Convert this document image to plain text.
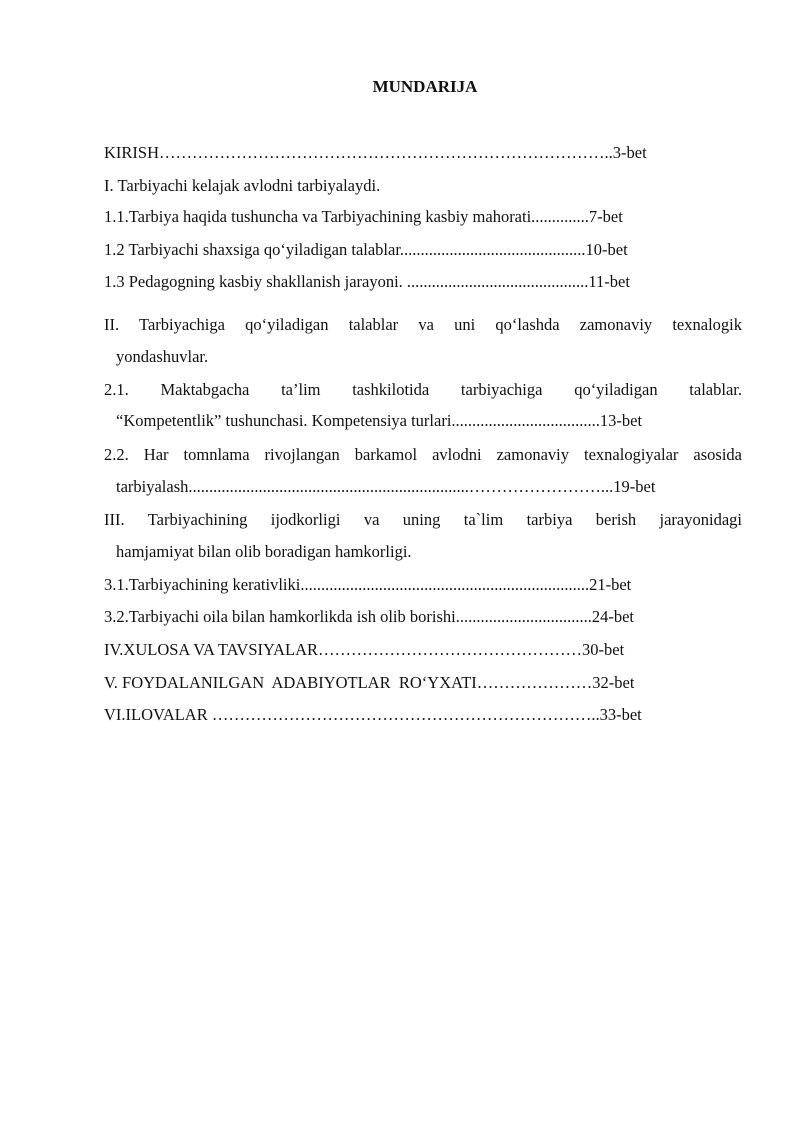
MUNDARIJA
KIRISH………………………………………………………………………..3-bet
I. Tarbiyachi kelajak avlodni tarbiyalaydi.
1.1.Tarbiya haqida tushuncha va Tarbiyachining kasbiy mahorati..............7-bet
1.2 Tarbiyachi shaxsiga qo‘yiladigan talablar.............................................10-bet
1.3 Pedagogning kasbiy shakllanish jarayoni. ............................................11-bet
II. Tarbiyachiga qo‘yiladigan talablar va uni qo‘lashda zamonaviy texnalogik
yondashuvlar.
2.1. Maktabgacha ta’lim tashkilotida tarbiyachiga qo‘yiladigan talablar.
“Kompetentlik” tushunchasi. Kompetensiya turlari....................................13-bet
2.2. Har tomnlama rivojlangan barkamol avlodni zamonaviy texnalogiyalar asosida
tarbiyalash....................................................................……………………...19-bet
III. Tarbiyachining ijodkorligi va uning ta`lim tarbiya berish jarayonidagi
hamjamiyat bilan olib boradigan hamkorligi.
3.1.Tarbiyachining kerativliki......................................................................21-bet
3.2.Tarbiyachi oila bilan hamkorlikda ish olib borishi.................................24-bet
IV.XULOSA VA TAVSIYALAR…………………………………………30-bet
V. FOYDALANILGAN  ADABIYOTLAR  RO‘YXATI…………………32-bet
VI.ILOVALAR ……………………………………………………………..33-bet
